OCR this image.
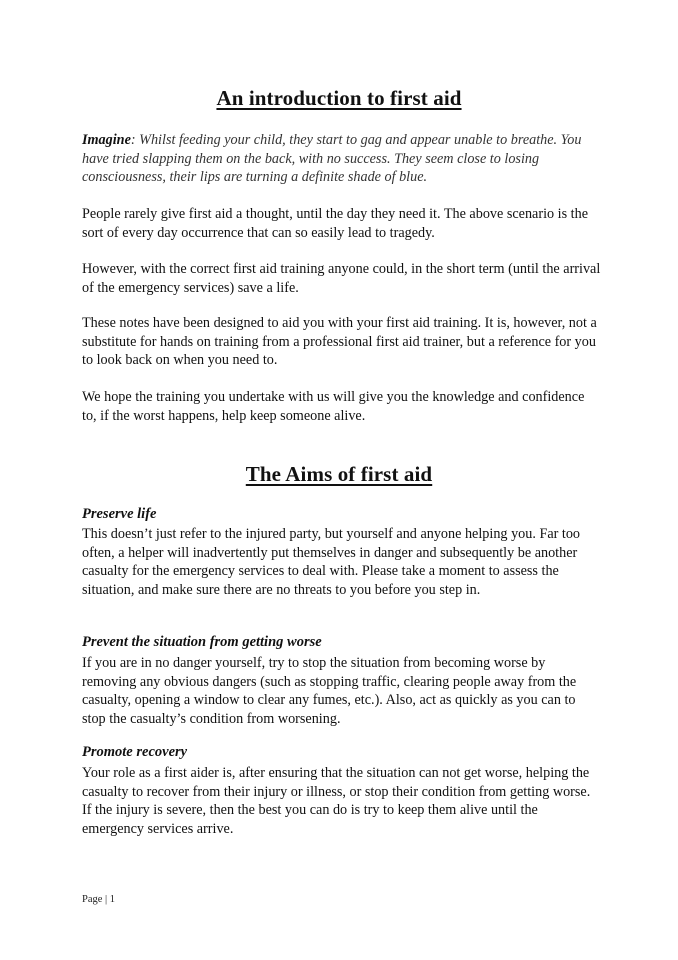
An introduction to first aid

Imagine: Whilst feeding your child, they start to gag and appear unable to breathe. You have tried slapping them on the back, with no success. They seem close to losing consciousness, their lips are turning a definite shade of blue.

People rarely give first aid a thought, until the day they need it. The above scenario is the sort of every day occurrence that can so easily lead to tragedy.

However, with the correct first aid training anyone could, in the short term (until the arrival of the emergency services) save a life.

These notes have been designed to aid you with your first aid training. It is, however, not a substitute for hands on training from a professional first aid trainer, but a reference for you to look back on when you need to.

We hope the training you undertake with us will give you the knowledge and confidence to, if the worst happens, help keep someone alive.

The Aims of first aid
Preserve life

This doesn’t just refer to the injured party, but yourself and anyone helping you. Far too often, a helper will inadvertently put themselves in danger and subsequently be another casualty for the emergency services to deal with. Please take a moment to assess the situation, and make sure there are no threats to you before you step in.

Prevent the situation from getting worse

If you are in no danger yourself, try to stop the situation from becoming worse by removing any obvious dangers (such as stopping traffic, clearing people away from the casualty, opening a window to clear any fumes, etc.). Also, act as quickly as you can to stop the casualty’s condition from worsening.

Promote recovery

Your role as a first aider is, after ensuring that the situation can not get worse, helping the casualty to recover from their injury or illness, or stop their condition from getting worse. If the injury is severe, then the best you can do is try to keep them alive until the emergency services arrive.

Page | 1
